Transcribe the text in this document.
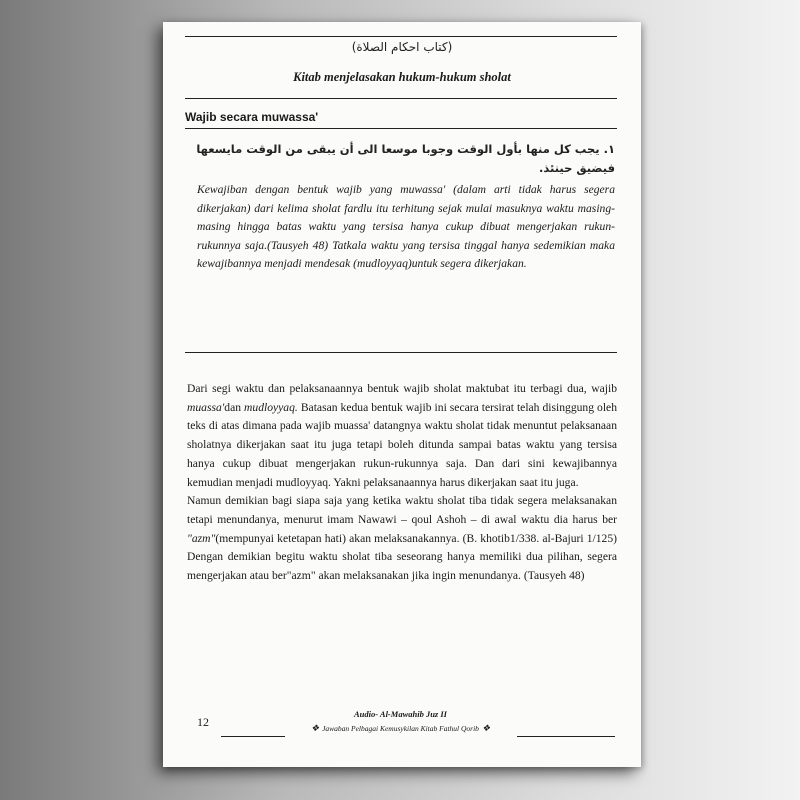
(كتاب احكام الصلاة)
Kitab menjelasakan hukum-hukum sholat
Wajib secara muwassa'
١. يجب كل منها بأول الوقت وجوبا موسعا الى أن يبقى من الوقت مايسعها فيضيق حينئذ.

Kewajiban dengan bentuk wajib yang muwassa' (dalam arti tidak harus segera dikerjakan) dari kelima sholat fardlu itu terhitung sejak mulai masuknya waktu masing-masing hingga batas waktu yang tersisa hanya cukup dibuat mengerjakan rukun-rukunnya saja.(Tausyeh 48) Tatkala waktu yang tersisa tinggal hanya sedemikian maka kewajibannya menjadi mendesak (mudloyyaq)untuk segera dikerjakan.

Dari segi waktu dan pelaksanaannya bentuk wajib sholat maktubat itu terbagi dua, wajib muassa'dan mudloyyaq. Batasan kedua bentuk wajib ini secara tersirat telah disinggung oleh teks di atas dimana pada wajib muassa' datangnya waktu sholat tidak menuntut pelaksanaan sholatnya dikerjakan saat itu juga tetapi boleh ditunda sampai batas waktu yang tersisa hanya cukup dibuat mengerjakan rukun-rukunnya saja. Dan dari sini kewajibannya kemudian menjadi mudloyyaq. Yakni pelaksanaannya harus dikerjakan saat itu juga.

Namun demikian bagi siapa saja yang ketika waktu sholat tiba tidak segera melaksanakan tetapi menundanya, menurut imam Nawawi – qoul Ashoh – di awal waktu dia harus ber "azm"(mempunyai ketetapan hati) akan melaksanakannya. (B. khotib1/338. al-Bajuri 1/125) Dengan demikian begitu waktu sholat tiba seseorang hanya memiliki dua pilihan, segera mengerjakan atau ber"azm" akan melaksanakan jika ingin menundanya. (Tausyeh 48)

12
Audio- Al-Mawahib Juz II
❖ Jawaban Pelbagai Kemusykilan Kitab Fathul Qorib ❖
